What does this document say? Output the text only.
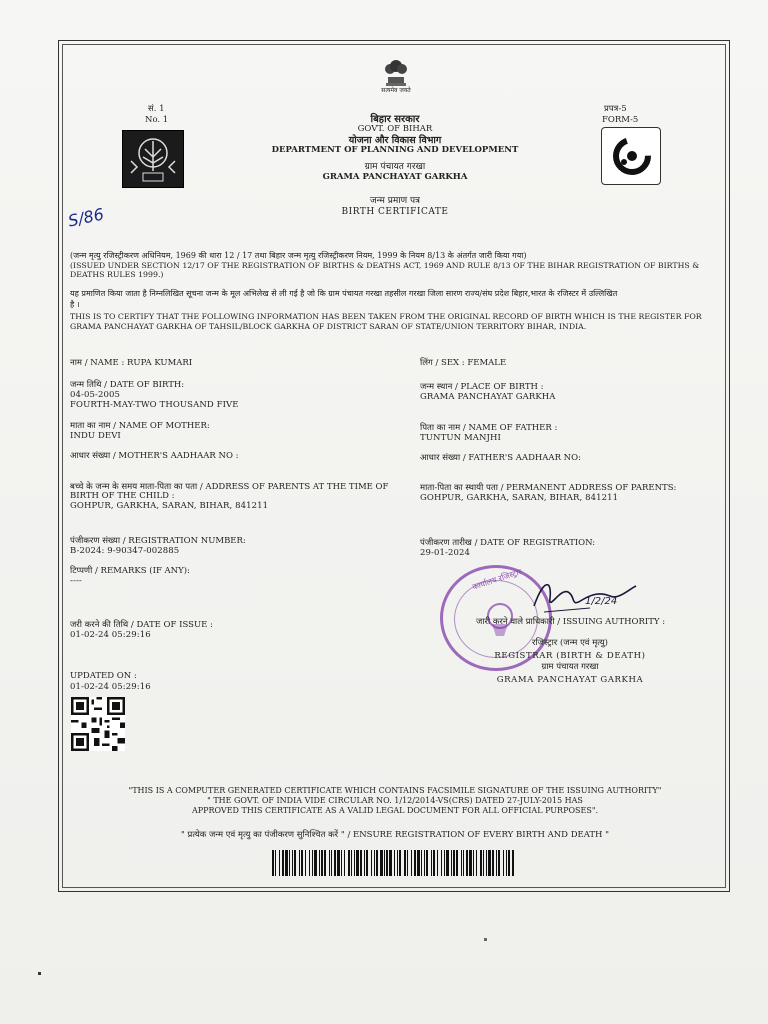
सत्यमेव जयते
सं. 1
No. 1
प्रपत्र-5
FORM-5
बिहार सरकार
GOVT. OF BIHAR
योजना और विकास विभाग
DEPARTMENT OF PLANNING AND DEVELOPMENT
ग्राम पंचायत गरखा
GRAMA PANCHAYAT GARKHA
जन्म प्रमाण पत्र
BIRTH CERTIFICATE
S/86
(जन्म मृत्यु रजिस्ट्रीकरण अधिनियम, 1969 की धारा 12 / 17 तथा बिहार जन्म मृत्यु रजिस्ट्रीकरण नियम, 1999 के नियम 8/13 के अंतर्गत जारी किया गया)
(ISSUED UNDER SECTION 12/17 OF THE REGISTRATION OF BIRTHS & DEATHS ACT, 1969 AND RULE 8/13 OF THE BIHAR REGISTRATION OF BIRTHS &
DEATHS RULES 1999.)
यह प्रमाणित किया जाता है निम्नलिखित सूचना जन्म के मूल अभिलेख से ली गई है जो कि ग्राम पंचायत गरखा तहसील गरखा जिला सारण राज्य/संघ प्रदेश बिहार,भारत के रजिस्टर में उल्लिखित
है ।
THIS IS TO CERTIFY THAT THE FOLLOWING INFORMATION HAS BEEN TAKEN FROM THE ORIGINAL RECORD OF BIRTH WHICH IS THE REGISTER FOR
GRAMA PANCHAYAT GARKHA OF TAHSIL/BLOCK GARKHA OF DISTRICT SARAN OF STATE/UNION TERRITORY BIHAR, INDIA.
नाम / NAME : RUPA KUMARI
जन्म तिथि / DATE OF BIRTH:
04-05-2005
FOURTH-MAY-TWO THOUSAND FIVE
माता का नाम / NAME OF MOTHER:
INDU DEVI
आधार संख्या / MOTHER'S AADHAAR NO :
बच्चे के जन्म के समय माता-पिता का पता / ADDRESS OF PARENTS AT THE TIME OF
BIRTH OF THE CHILD :
GOHPUR, GARKHA, SARAN, BIHAR, 841211
पंजीकरण संख्या / REGISTRATION NUMBER:
B-2024: 9-90347-002885
टिप्पणी / REMARKS (IF ANY):
----
जरी करने की तिथि / DATE OF ISSUE :
01-02-24 05:29:16
UPDATED ON :
01-02-24 05:29:16
लिंग / SEX : FEMALE
जन्म स्थान / PLACE OF BIRTH :
GRAMA PANCHAYAT GARKHA
पिता का नाम / NAME OF FATHER :
TUNTUN MANJHI
आधार संख्या / FATHER'S AADHAAR NO:
माता-पिता का स्थायी पता / PERMANENT ADDRESS OF PARENTS:
GOHPUR, GARKHA, SARAN, BIHAR, 841211
पंजीकरण तारीख / DATE OF REGISTRATION:
29-01-2024
कार्यालय रजिस्ट्रार
1/2/24
जारी करने वाले प्राधिकारी / ISSUING AUTHORITY :
रजिस्ट्रार (जन्म एवं मृत्यु)
REGISTRAR (BIRTH & DEATH)
ग्राम पंचायत गरखा
GRAMA PANCHAYAT GARKHA
"THIS IS A COMPUTER GENERATED CERTIFICATE WHICH CONTAINS FACSIMILE SIGNATURE OF THE ISSUING AUTHORITY"
" THE GOVT. OF INDIA VIDE CIRCULAR NO. 1/12/2014-VS(CRS) DATED 27-JULY-2015 HAS
APPROVED THIS CERTIFICATE AS A VALID LEGAL DOCUMENT FOR ALL OFFICIAL PURPOSES".
" प्रत्येक जन्म एवं मृत्यु का पंजीकरण सुनिश्चित करें " / ENSURE REGISTRATION OF EVERY BIRTH AND DEATH "
